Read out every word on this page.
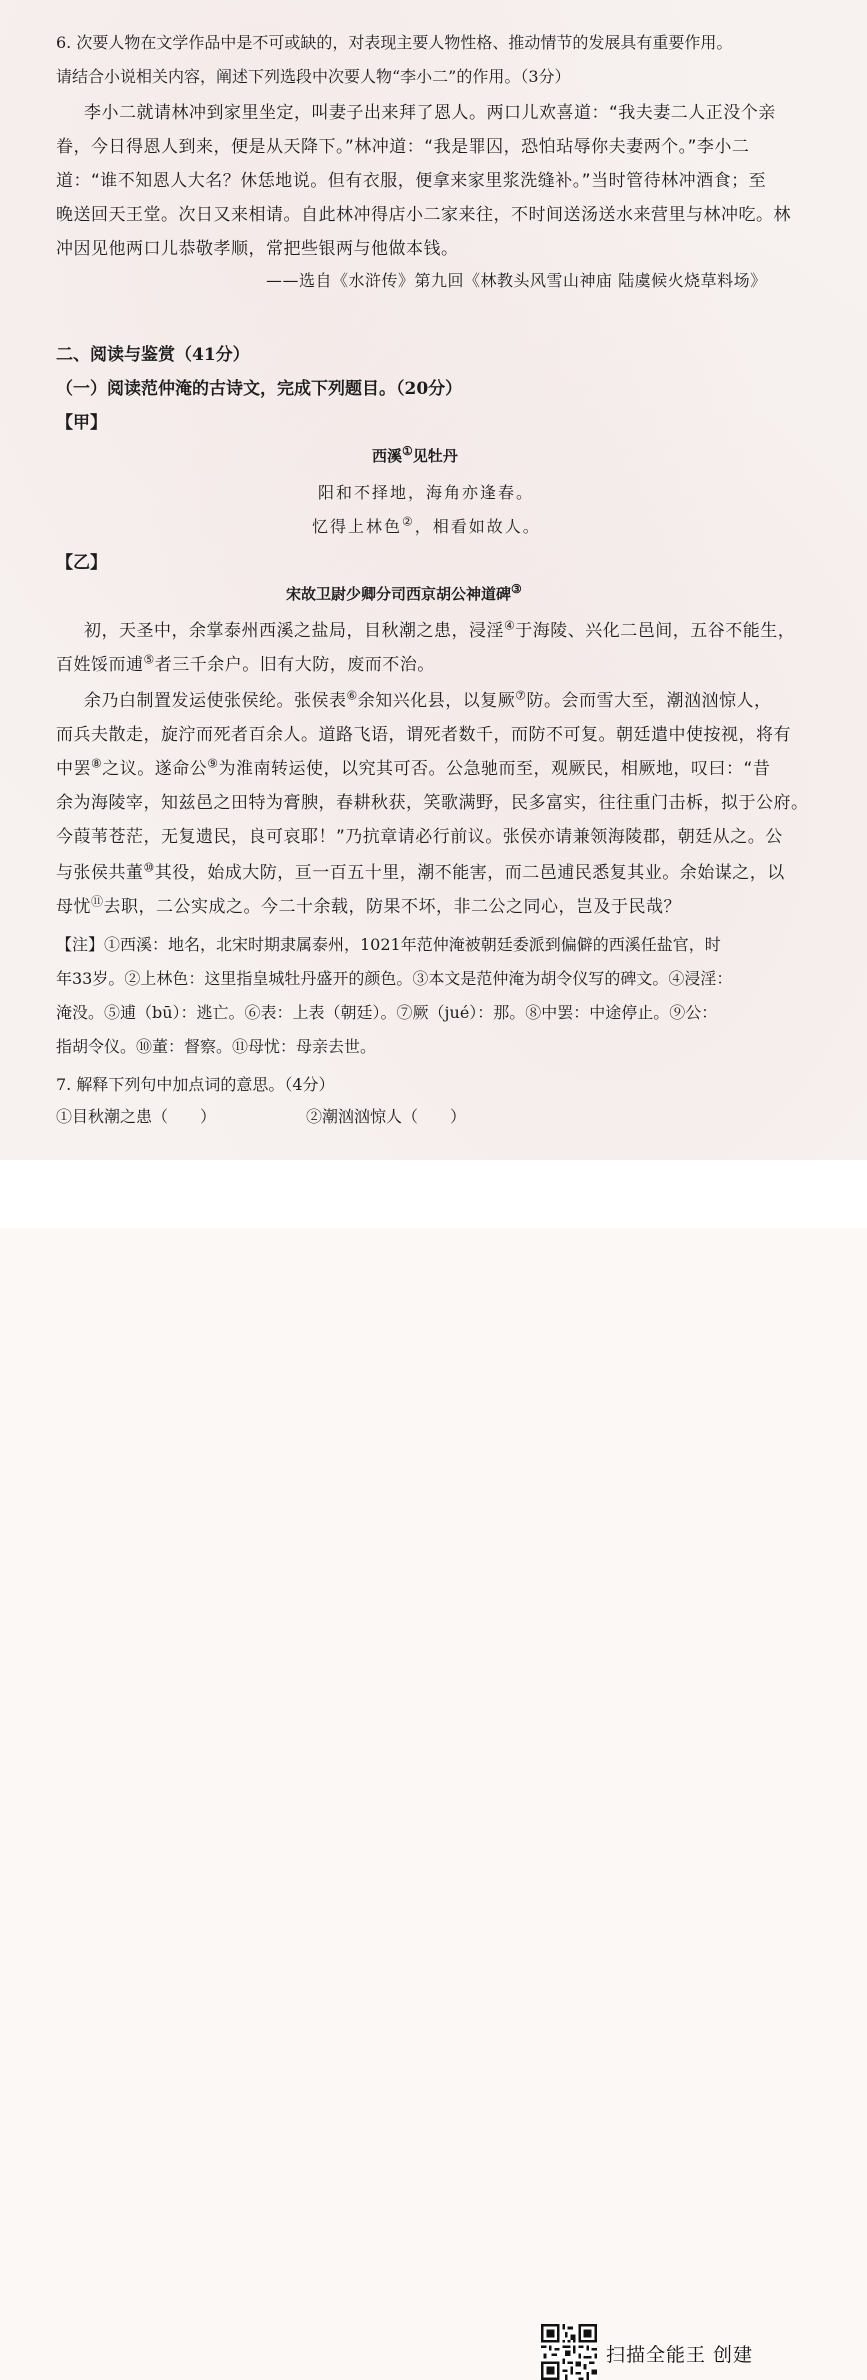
6. 次要人物在文学作品中是不可或缺的，对表现主要人物性格、推动情节的发展具有重要作用。
请结合小说相关内容，阐述下列选段中次要人物“李小二”的作用。（3分）
李小二就请林冲到家里坐定，叫妻子出来拜了恩人。两口儿欢喜道：“我夫妻二人正没个亲
眷，今日得恩人到来，便是从天降下。”林冲道：“我是罪囚，恐怕玷辱你夫妻两个。”李小二
道：“谁不知恩人大名？休恁地说。但有衣服，便拿来家里浆洗缝补。”当时管待林冲酒食；至
晚送回天王堂。次日又来相请。自此林冲得店小二家来往，不时间送汤送水来营里与林冲吃。林
冲因见他两口儿恭敬孝顺，常把些银两与他做本钱。
——选自《水浒传》第九回《林教头风雪山神庙 陆虞候火烧草料场》
二、阅读与鉴赏（41分）
（一）阅读范仲淹的古诗文，完成下列题目。（20分）
【甲】
西溪①见牡丹
阳和不择地，海角亦逢春。
忆得上林色②，相看如故人。
【乙】
宋故卫尉少卿分司西京胡公神道碑③
初，天圣中，余掌泰州西溪之盐局，目秋潮之患，浸淫④于海陵、兴化二邑间，五谷不能生，
百姓馁而逋⑤者三千余户。旧有大防，废而不治。
余乃白制置发运使张侯纶。张侯表⑥余知兴化县，以复厥⑦防。会而雪大至，潮汹汹惊人，
而兵夫散走，旋泞而死者百余人。道路飞语，谓死者数千，而防不可复。朝廷遣中使按视，将有
中罢⑧之议。遂命公⑨为淮南转运使，以究其可否。公急驰而至，观厥民，相厥地，叹曰：“昔
余为海陵宰，知兹邑之田特为膏腴，春耕秋获，笑歌满野，民多富实，往往重门击柝，拟于公府。
今葭苇苍茫，无复遗民，良可哀耶！”乃抗章请必行前议。张侯亦请兼领海陵郡，朝廷从之。公
与张侯共董⑩其役，始成大防，亘一百五十里，潮不能害，而二邑逋民悉复其业。余始谋之，以
母忧⑪去职，二公实成之。今二十余载，防果不坏，非二公之同心，岂及于民哉？
【注】①西溪：地名，北宋时期隶属泰州，1021年范仲淹被朝廷委派到偏僻的西溪任盐官，时
年33岁。②上林色：这里指皇城牡丹盛开的颜色。③本文是范仲淹为胡令仪写的碑文。④浸淫：
淹没。⑤逋（bū）：逃亡。⑥表：上表（朝廷）。⑦厥（jué）：那。⑧中罢：中途停止。⑨公：
指胡令仪。⑩董：督察。⑪母忧：母亲去世。
7. 解释下列句中加点词的意思。（4分）
①目秋潮之患（　　）	②潮汹汹惊人（　　）
扫描全能王 创建
